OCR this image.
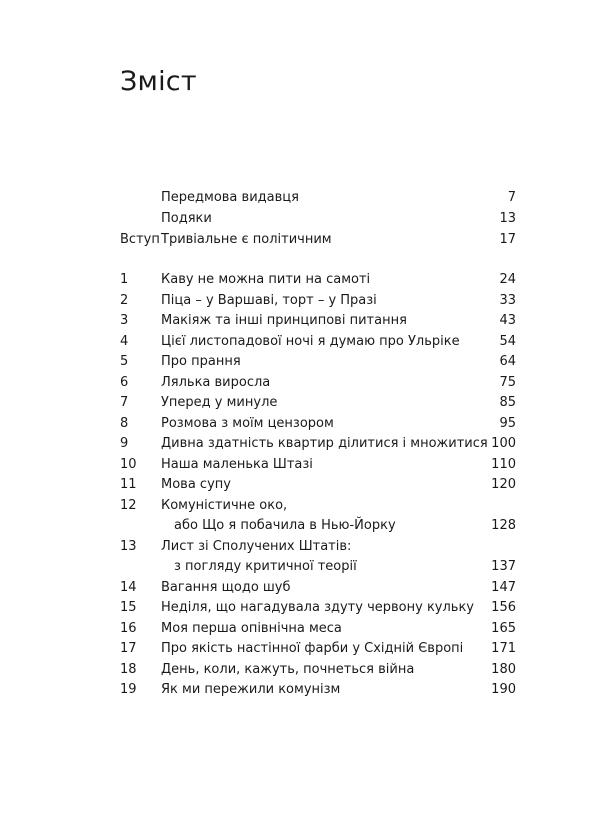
Зміст
Передмова видавця	7
Подяки	13
Вступ Тривіальне є політичним	17
1	Каву не можна пити на самоті	24
2	Піца – у Варшаві, торт – у Празі	33
3	Макіяж та інші принципові питання	43
4	Цієї листопадової ночі я думаю про Ульріке	54
5	Про прання	64
6	Лялька виросла	75
7	Уперед у минуле	85
8	Розмова з моїм цензором	95
9	Дивна здатність квартир ділитися і множитися 100
10 Наша маленька Штазі	110
11 Мова супу	120
12 Комуністичне око,
або Що я побачила в Нью-Йорку	128
13 Лист зі Сполучених Штатів:
з погляду критичної теорії	137
14 Вагання щодо шуб	147
15 Неділя, що нагадувала здуту червону кульку 156
16 Моя перша опівнічна меса	165
17 Про якість настінної фарби у Східній Європі 171
18 День, коли, кажуть, почнеться війна	180
19 Як ми пережили комунізм	190
